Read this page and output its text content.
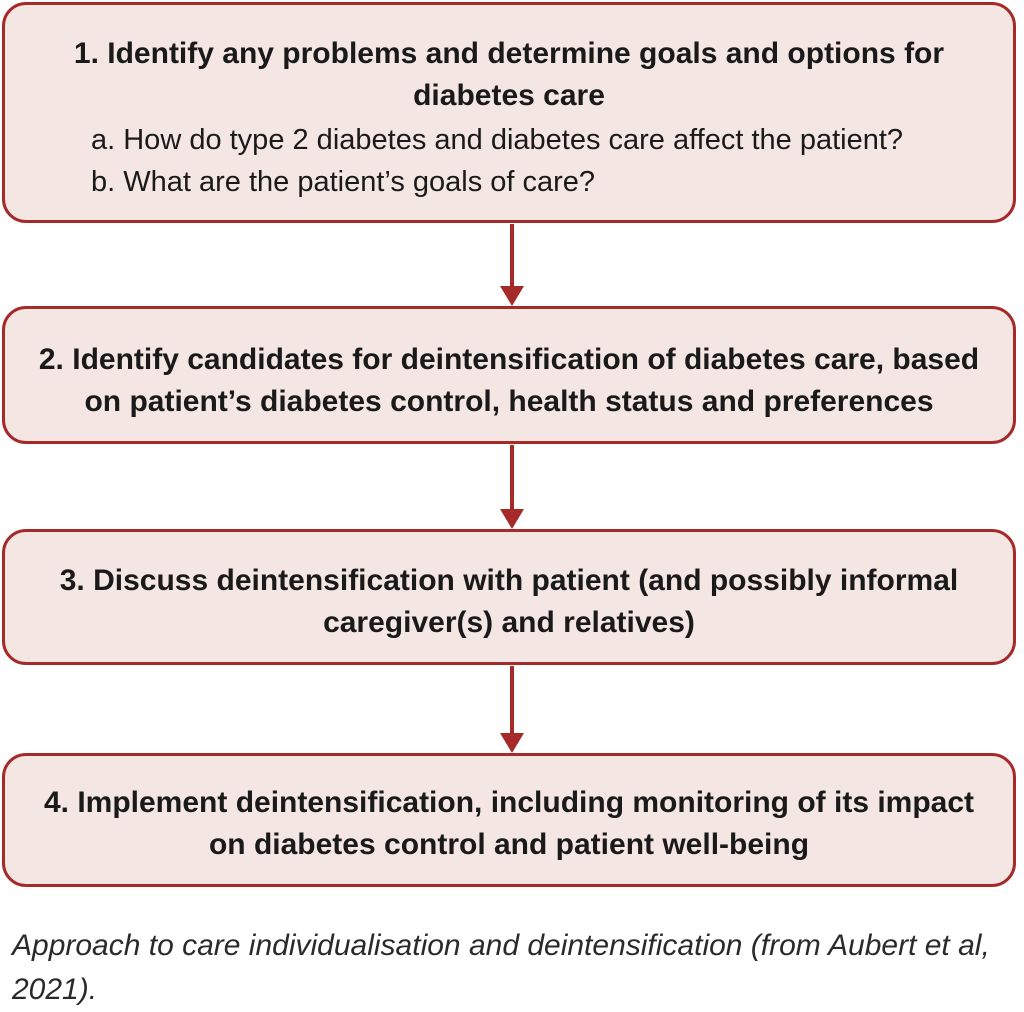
1. Identify any problems and determine goals and options for diabetes care

a. How do type 2 diabetes and diabetes care affect the patient?
b. What are the patient’s goals of care?

2. Identify candidates for deintensification of diabetes care, based on patient’s diabetes control, health status and preferences

3. Discuss deintensification with patient (and possibly informal caregiver(s) and relatives)

4. Implement deintensification, including monitoring of its impact on diabetes control and patient well-being

Approach to care individualisation and deintensification (from Aubert et al, 2021).
